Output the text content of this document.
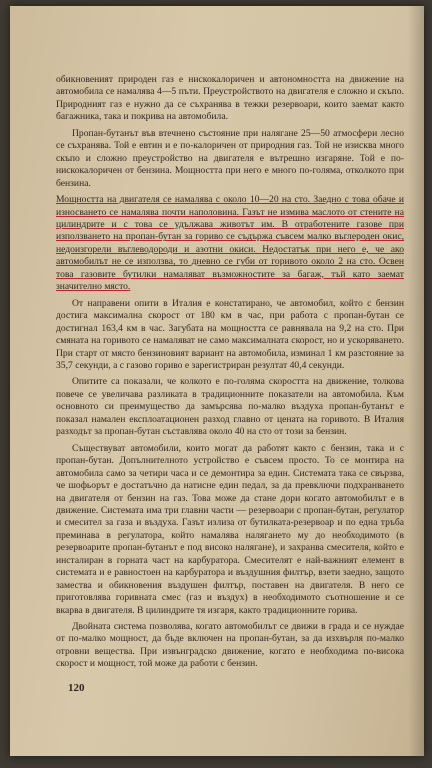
обикновеният природен газ е нискокалоричен и автономността на движение на автомобила се намалява 4—5 пъти. Преустройството на двигателя е сложно и скъпо. Природният газ е нужно да се съхранява в тежки резервоари, които заемат както багажника, така и покрива на автомобила.

Пропан-бутанът във втечнено състояние при налягане 25—50 атмосфери лесно се съхранява. Той е евтин и е по-калоричен от природния газ. Той не изисква много скъпо и сложно преустройство на двигателя е вътрешно изгаряне. Той е по-нискокалоричен от бензина. Мощността при него е много по-голяма, отколкото при бензина.

Мощността на двигателя се намалява с около 10—20 на сто. Заедно с това обаче и износването се намалява почти наполовина. Газът не измива маслото от стените на цилиндрите и с това се удължава животът им. В отработените газове при използването на пропан-бутан за гориво се съдържа съвсем малко въглероден окис, недоизгорели въглеводороди и азотни окиси. Недостатък при него е, че ако автомобилът не се използва, то дневно се губи от горивото около 2 на сто. Освен това газовите бутилки намаляват възможностите за багаж, тъй като заемат значително място.

От направени опити в Италия е констатирано, че автомобил, който с бензин достига максимална скорост от 180 км в час, при работа с пропан-бутан се достигнал 163,4 км в час. Загубата на мощността се равнявала на 9,2 на сто. При смяната на горивото се намаляват не само максималната скорост, но и ускоряването. При старт от място бензиновият вариант на автомобила, изминал 1 км разстояние за 35,7 секунди, а с газово гориво е зарегистриран резултат 40,4 секунди.

Опитите са показали, че колкото е по-голяма скоростта на движение, толкова повече се увеличава разликата в традиционните показатели на автомобила. Към основното си преимущество да замърсява по-малко въздуха пропан-бутанът е показал намален експлоатационен разход главно от цената на горивото. В Италия разходът за пропан-бутан съставлява около 40 на сто от този за бензин.

Съществуват автомобили, които могат да работят както с бензин, така и с пропан-бутан. Допълнителното устройство е съвсем просто. То се монтира на автомобила само за четири часа и се демонтира за един. Системата така се свързва, че шофьорът е достатъчно да натисне един педал, за да превключи подхранването на двигателя от бензин на газ. Това може да стане дори когато автомобилът е в движение. Системата има три главни части — резервоари с пропан-бутан, регулатор и смесител за газа и въздуха. Газът излиза от бутилката-резервоар и по една тръба преминава в регулатора, който намалява налягането му до необходимото (в резервоарите пропан-бутанът е под високо налягане), и захранва смесителя, който е инсталиран в горната част на карбуратора. Смесителят е най-важният елемент в системата и е равностоен на карбуратора и въздушния филтър, взети заедно, защото замества и обикновения въздушен филтър, поставен на двигателя. В него се приготовлява горивната смес (газ и въздух) в необходимото съотношение и се вкарва в двигателя. В цилиндрите тя изгаря, както традиционните горива.

Двойната система позволява, когато автомобилът се движи в града и се нуждае от по-малко мощност, да бъде включен на пропан-бутан, за да изхвърля по-малко отровни вещества. При извънградско движение, когато е необходима по-висока скорост и мощност, той може да работи с бензин.

120
